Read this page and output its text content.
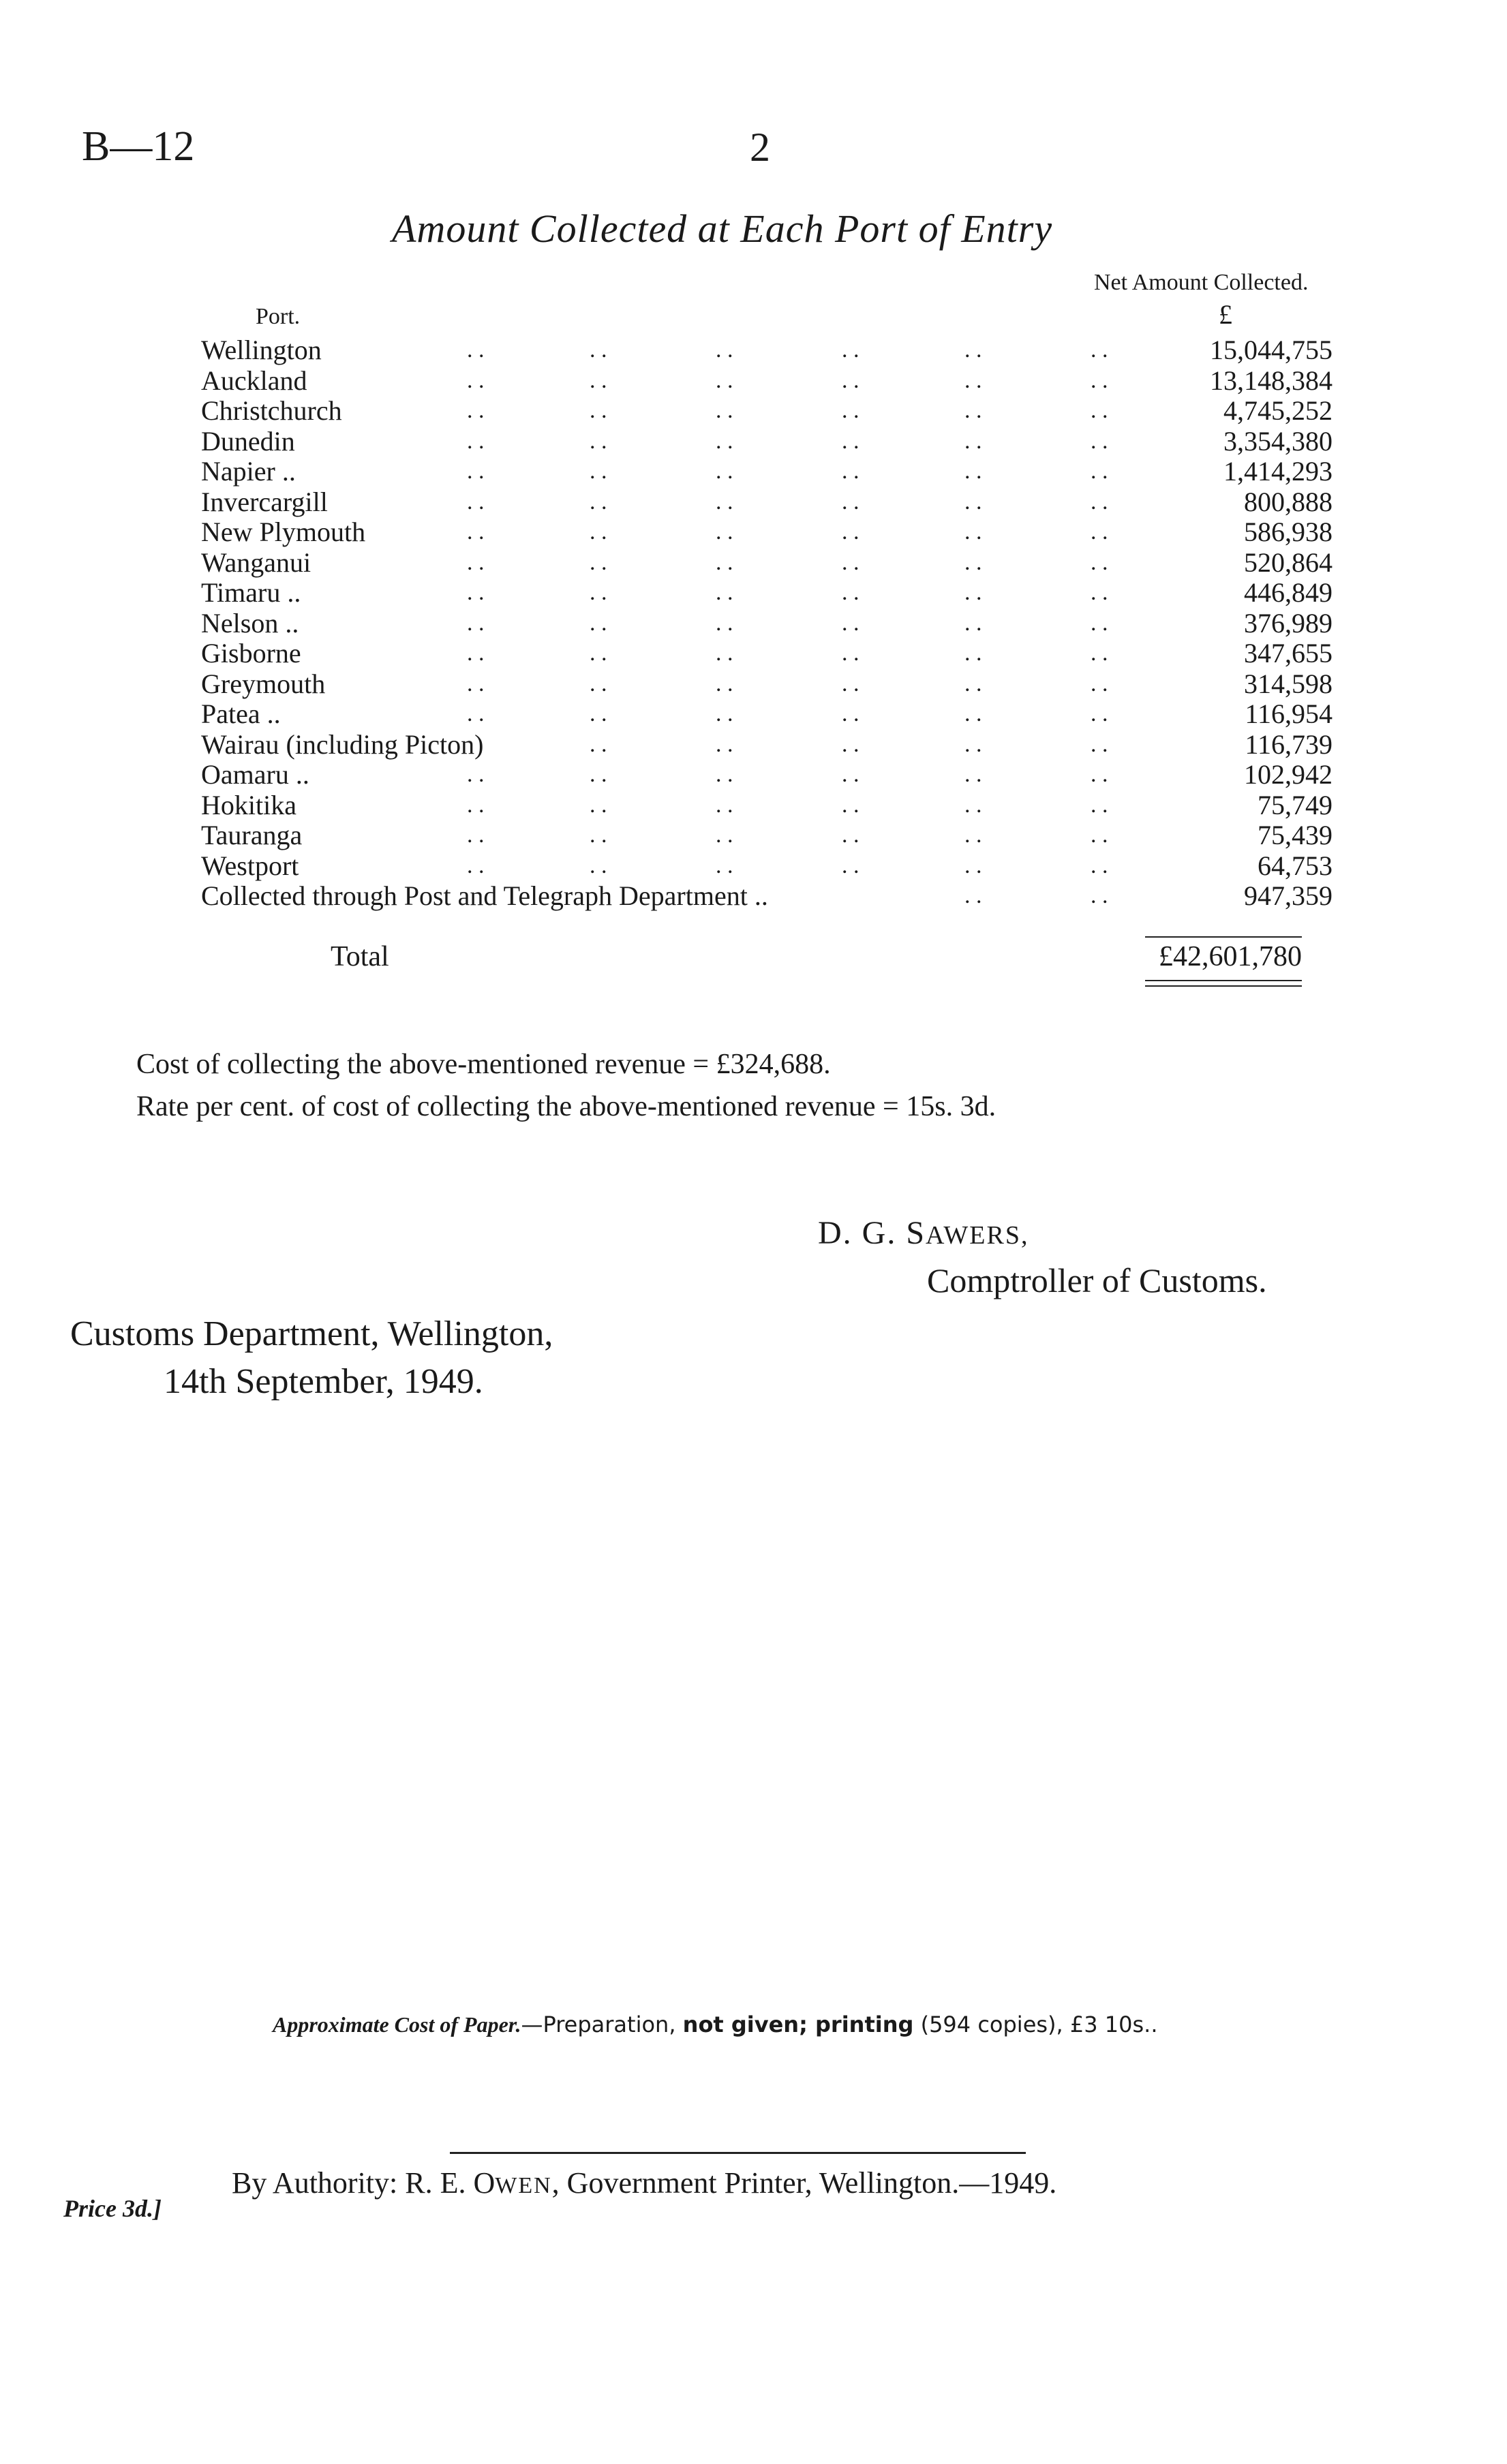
B—12	2
Amount Collected at Each Port of Entry
Net Amount Collected.
Port.	£
Wellington	. .	. .	. .	. .	. .	. .	15,044,755
Auckland	. .	. .	. .	. .	. .	. .	13,148,384
Christchurch	. .	. .	. .	. .	. .	. .	4,745,252
Dunedin	. .	. .	. .	. .	. .	. .	3,354,380
Napier ..	. .	. .	. .	. .	. .	. .	1,414,293
Invercargill	. .	. .	. .	. .	. .	. .	800,888
New Plymouth	. .	. .	. .	. .	. .	. .	586,938
Wanganui	. .	. .	. .	. .	. .	. .	520,864
Timaru ..	. .	. .	. .	. .	. .	. .	446,849
Nelson ..	. .	. .	. .	. .	. .	. .	376,989
Gisborne	. .	. .	. .	. .	. .	. .	347,655
Greymouth	. .	. .	. .	. .	. .	. .	314,598
Patea ..	. .	. .	. .	. .	. .	. .	116,954
Wairau (including Picton)	. .	. .	. .	. .	. .	116,739
Oamaru ..	. .	. .	. .	. .	. .	. .	102,942
Hokitika	. .	. .	. .	. .	. .	. .	75,749
Tauranga	. .	. .	. .	. .	. .	. .	75,439
Westport	. .	. .	. .	. .	. .	. .	64,753
Collected through Post and Telegraph Department ..	. .	. .	947,359
Total	£42,601,780
Cost of collecting the above-mentioned revenue = £324,688.
Rate per cent. of cost of collecting the above-mentioned revenue = 15s. 3d.
D. G. SAWERS,
Comptroller of Customs.
Customs Department, Wellington,
14th September, 1949.
Approximate Cost of Paper.—Preparation, not given; printing (594 copies), £3 10s..
By Authority: R. E. OWEN, Government Printer, Wellington.—1949.
Price 3d.]
